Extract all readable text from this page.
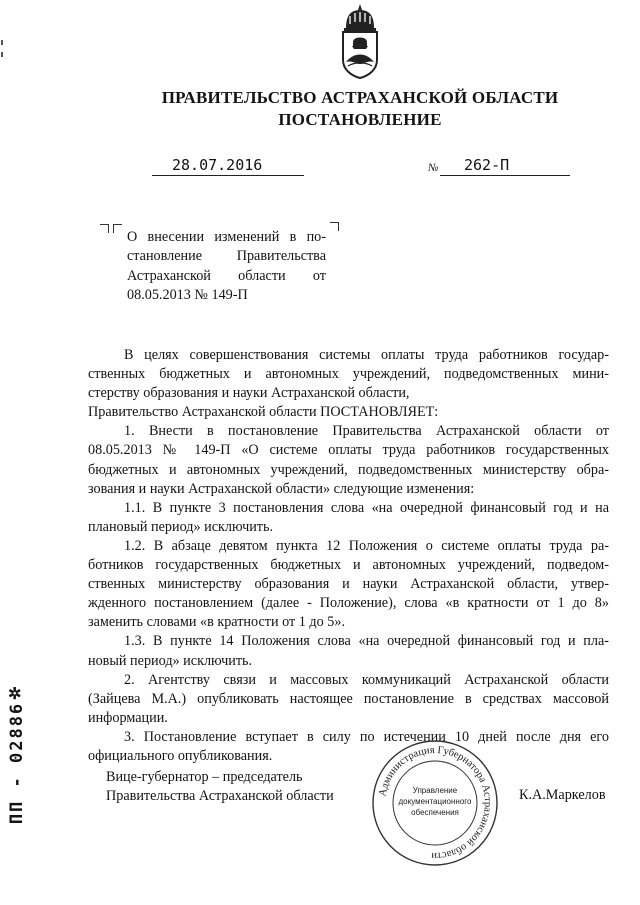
ПРАВИТЕЛЬСТВО АСТРАХАНСКОЙ ОБЛАСТИ
ПОСТАНОВЛЕНИЕ
28.07.2016	№	262-П
О внесении изменений в по-
становление Правительства
Астраханской области от
08.05.2013 № 149-П
В целях совершенствования системы оплаты труда работников государ-
ственных бюджетных и автономных учреждений, подведомственных мини-
стерству образования и науки Астраханской области,
Правительство Астраханской области ПОСТАНОВЛЯЕТ:
1. Внести в постановление Правительства Астраханской области от
08.05.2013 № 149-П «О системе оплаты труда работников государственных
бюджетных и автономных учреждений, подведомственных министерству обра-
зования и науки Астраханской области» следующие изменения:
1.1. В пункте 3 постановления слова «на очередной финансовый год и на
плановый период» исключить.
1.2. В абзаце девятом пункта 12 Положения о системе оплаты труда ра-
ботников государственных бюджетных и автономных учреждений, подведом-
ственных министерству образования и науки Астраханской области, утвер-
жденного постановлением (далее - Положение), слова «в кратности от 1 до 8»
заменить словами «в кратности от 1 до 5».
1.3. В пункте 14 Положения слова «на очередной финансовый год и пла-
новый период» исключить.
2. Агентству связи и массовых коммуникаций Астраханской области
(Зайцева М.А.) опубликовать настоящее постановление в средствах массовой
информации.
3. Постановление вступает в силу по истечении 10 дней после дня его
официального опубликования.
Вице-губернатор – председатель
Правительства Астраханской области	К.А.Маркелов
Администрация Губернатора Астраханской области
Управление
документационного
обеспечения
✲
ПП - 02886
